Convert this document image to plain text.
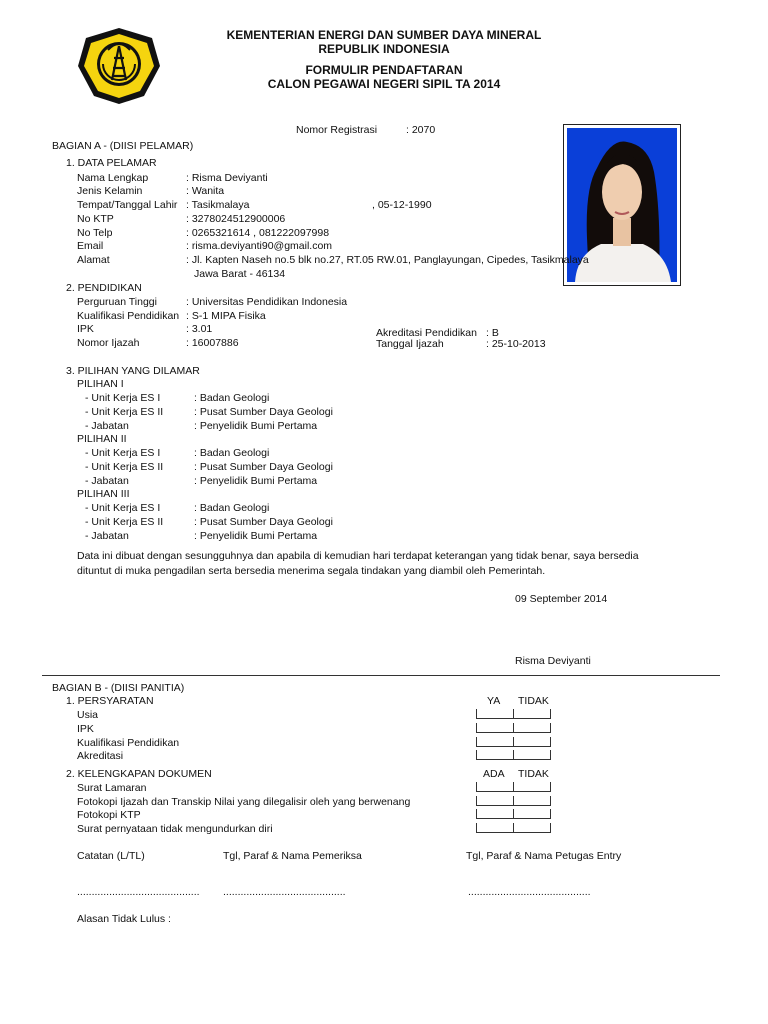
KEMENTERIAN ENERGI DAN SUMBER DAYA MINERAL
REPUBLIK INDONESIA
FORMULIR PENDAFTARAN
CALON PEGAWAI NEGERI SIPIL TA 2014
Nomor Registrasi	: 2070
BAGIAN A - (DIISI PELAMAR)
1. DATA PELAMAR
Nama Lengkap	: Risma Deviyanti
Jenis Kelamin	: Wanita
Tempat/Tanggal Lahir : Tasikmalaya	, 05-12-1990
No KTP	: 3278024512900006
No Telp	: 0265321614 , 081222097998
Email	: risma.deviyanti90@gmail.com
Alamat	: Jl. Kapten Naseh no.5 blk no.27, RT.05 RW.01, Panglayungan, Cipedes, Tasikmalaya
Jawa Barat - 46134
2. PENDIDIKAN
Perguruan Tinggi	: Universitas Pendidikan Indonesia
Kualifikasi Pendidikan : S-1 MIPA Fisika
IPK	: 3.01
Nomor Ijazah	: 16007886
Akreditasi Pendidikan : B
Tanggal Ijazah	: 25-10-2013
3. PILIHAN YANG DILAMAR
PILIHAN I
- Unit Kerja ES I	: Badan Geologi
- Unit Kerja ES II	: Pusat Sumber Daya Geologi
- Jabatan	: Penyelidik Bumi Pertama
PILIHAN II
- Unit Kerja ES I	: Badan Geologi
- Unit Kerja ES II	: Pusat Sumber Daya Geologi
- Jabatan	: Penyelidik Bumi Pertama
PILIHAN III
- Unit Kerja ES I	: Badan Geologi
- Unit Kerja ES II	: Pusat Sumber Daya Geologi
- Jabatan	: Penyelidik Bumi Pertama
Data ini dibuat dengan sesungguhnya dan apabila di kemudian hari terdapat keterangan yang tidak benar, saya bersedia
dituntut di muka pengadilan serta bersedia menerima segala tindakan yang diambil oleh Pemerintah.
09 September 2014
Risma Deviyanti
BAGIAN B - (DIISI PANITIA)
1. PERSYARATAN	YA TIDAK
Usia
IPK
Kualifikasi Pendidikan
Akreditasi
2. KELENGKAPAN DOKUMEN	ADA TIDAK
Surat Lamaran
Fotokopi Ijazah dan Transkip Nilai yang dilegalisir oleh yang berwenang
Fotokopi KTP
Surat pernyataan tidak mengundurkan diri
Catatan (L/TL)	Tgl, Paraf & Nama Pemeriksa	Tgl, Paraf & Nama Petugas Entry
.......................................... ..........................................	..........................................
Alasan Tidak Lulus :
